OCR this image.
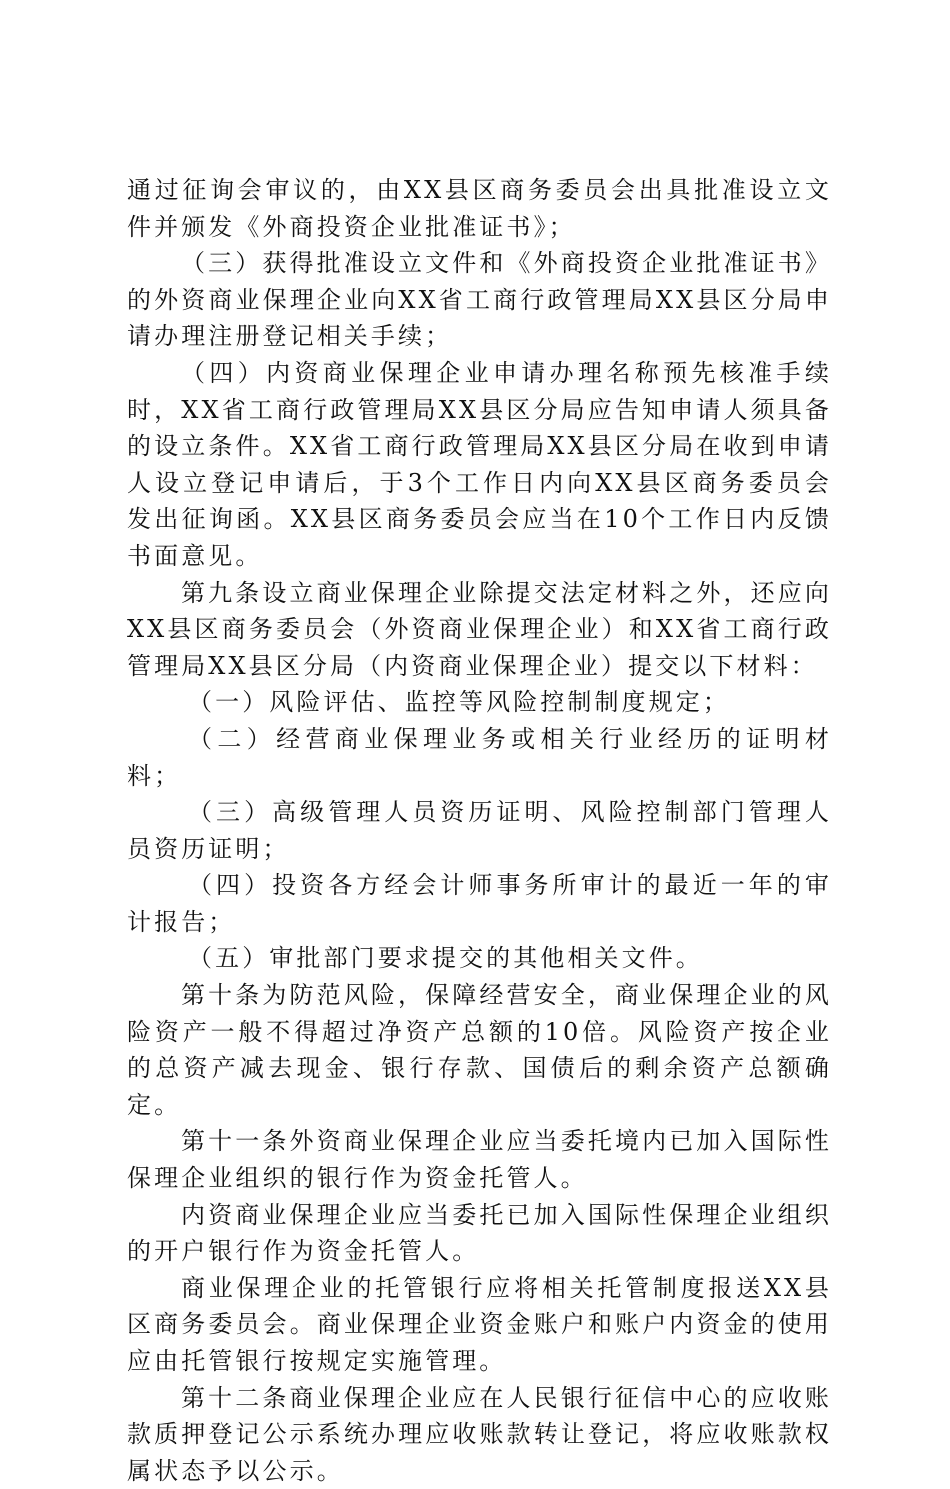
通过征询会审议的，由XX县区商务委员会出具批准设立文件并颁发《外商投资企业批准证书》；

（三）获得批准设立文件和《外商投资企业批准证书》的外资商业保理企业向XX省工商行政管理局XX县区分局申请办理注册登记相关手续；

（四）内资商业保理企业申请办理名称预先核准手续时，XX省工商行政管理局XX县区分局应告知申请人须具备的设立条件。XX省工商行政管理局XX县区分局在收到申请人设立登记申请后，于3个工作日内向XX县区商务委员会发出征询函。XX县区商务委员会应当在10个工作日内反馈书面意见。

第九条设立商业保理企业除提交法定材料之外，还应向XX县区商务委员会（外资商业保理企业）和XX省工商行政管理局XX县区分局（内资商业保理企业）提交以下材料：

（一）风险评估、监控等风险控制制度规定；

（二）经营商业保理业务或相关行业经历的证明材料；

（三）高级管理人员资历证明、风险控制部门管理人员资历证明；

（四）投资各方经会计师事务所审计的最近一年的审计报告；

（五）审批部门要求提交的其他相关文件。

第十条为防范风险，保障经营安全，商业保理企业的风险资产一般不得超过净资产总额的10倍。风险资产按企业的总资产减去现金、银行存款、国债后的剩余资产总额确定。

第十一条外资商业保理企业应当委托境内已加入国际性保理企业组织的银行作为资金托管人。

内资商业保理企业应当委托已加入国际性保理企业组织的开户银行作为资金托管人。

商业保理企业的托管银行应将相关托管制度报送XX县区商务委员会。商业保理企业资金账户和账户内资金的使用应由托管银行按规定实施管理。

第十二条商业保理企业应在人民银行征信中心的应收账款质押登记公示系统办理应收账款转让登记，将应收账款权属状态予以公示。
